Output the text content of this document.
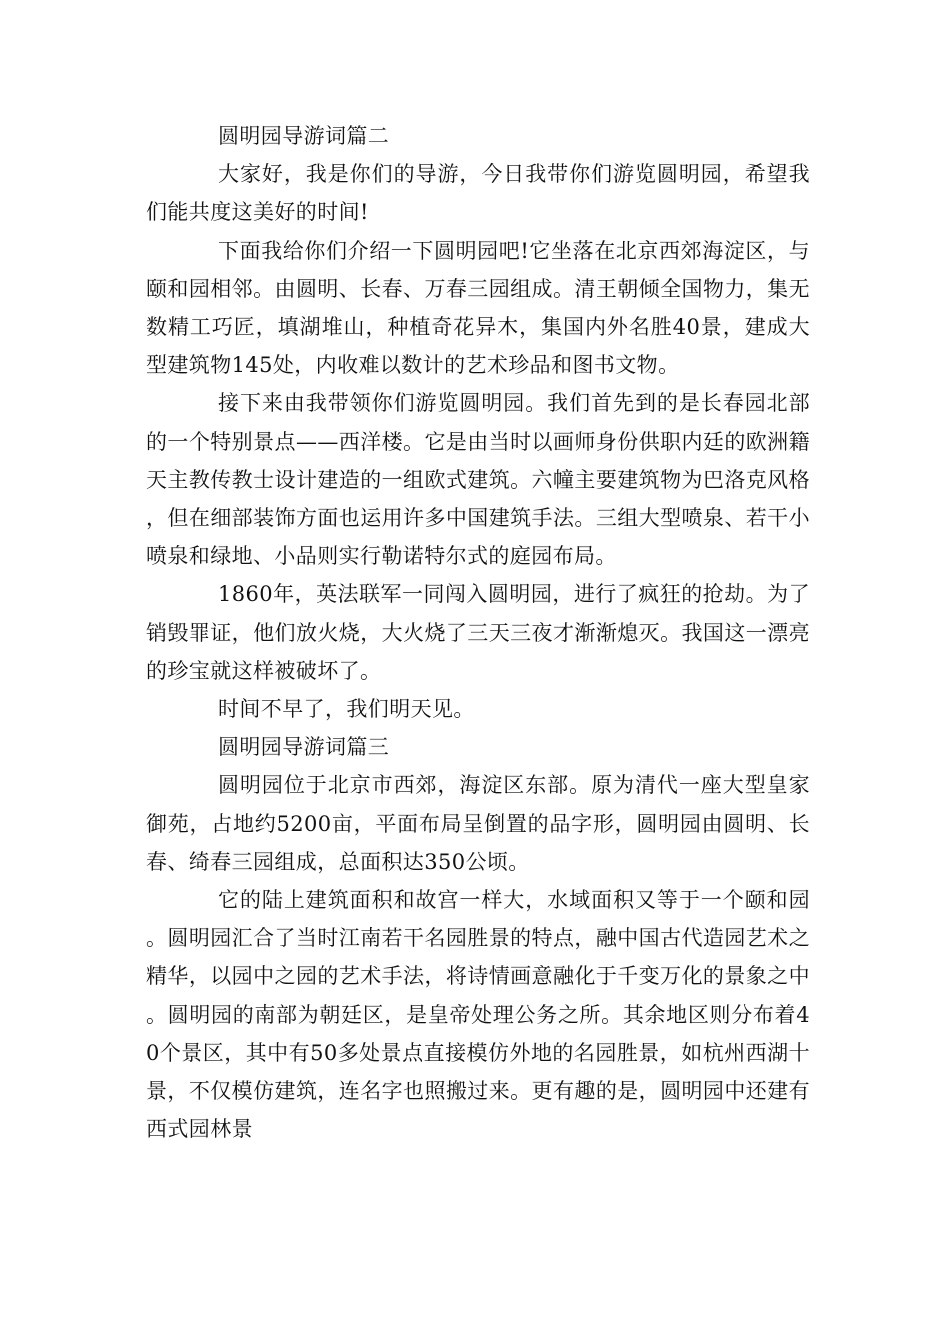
圆明园导游词篇二

大家好，我是你们的导游，今日我带你们游览圆明园，希望我们能共度这美好的时间!

下面我给你们介绍一下圆明园吧!它坐落在北京西郊海淀区，与颐和园相邻。由圆明、长春、万春三园组成。清王朝倾全国物力，集无数精工巧匠，填湖堆山，种植奇花异木，集国内外名胜40景，建成大型建筑物145处，内收难以数计的艺术珍品和图书文物。

接下来由我带领你们游览圆明园。我们首先到的是长春园北部的一个特别景点——西洋楼。它是由当时以画师身份供职内廷的欧洲籍天主教传教士设计建造的一组欧式建筑。六幢主要建筑物为巴洛克风格，但在细部装饰方面也运用许多中国建筑手法。三组大型喷泉、若干小喷泉和绿地、小品则实行勒诺特尔式的庭园布局。

1860年，英法联军一同闯入圆明园，进行了疯狂的抢劫。为了销毁罪证，他们放火烧，大火烧了三天三夜才渐渐熄灭。我国这一漂亮的珍宝就这样被破坏了。

时间不早了，我们明天见。

圆明园导游词篇三

圆明园位于北京市西郊，海淀区东部。原为清代一座大型皇家御苑，占地约5200亩，平面布局呈倒置的品字形，圆明园由圆明、长春、绮春三园组成，总面积达350公顷。

它的陆上建筑面积和故宫一样大，水域面积又等于一个颐和园。圆明园汇合了当时江南若干名园胜景的特点，融中国古代造园艺术之精华，以园中之园的艺术手法，将诗情画意融化于千变万化的景象之中。圆明园的南部为朝廷区，是皇帝处理公务之所。其余地区则分布着40个景区，其中有50多处景点直接模仿外地的名园胜景，如杭州西湖十景，不仅模仿建筑，连名字也照搬过来。更有趣的是，圆明园中还建有西式园林景
